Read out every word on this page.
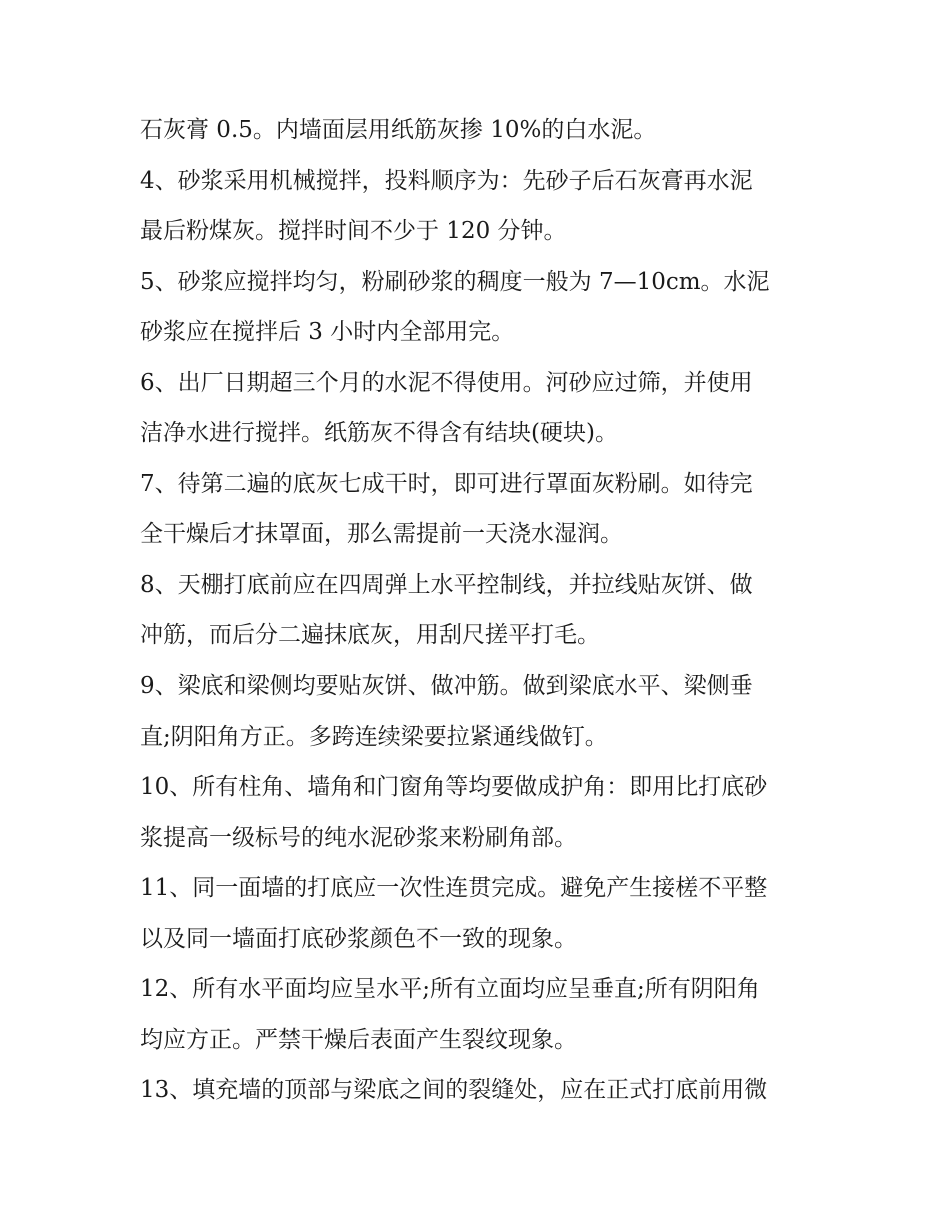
石灰膏 0.5。内墙面层用纸筋灰掺 10%的白水泥。
4、砂浆采用机械搅拌，投料顺序为：先砂子后石灰膏再水泥
最后粉煤灰。搅拌时间不少于 120 分钟。
5、砂浆应搅拌均匀，粉刷砂浆的稠度一般为 7—10cm。水泥
砂浆应在搅拌后 3 小时内全部用完。
6、出厂日期超三个月的水泥不得使用。河砂应过筛，并使用
洁净水进行搅拌。纸筋灰不得含有结块(硬块)。
7、待第二遍的底灰七成干时，即可进行罩面灰粉刷。如待完
全干燥后才抹罩面，那么需提前一天浇水湿润。
8、天棚打底前应在四周弹上水平控制线，并拉线贴灰饼、做
冲筋，而后分二遍抹底灰，用刮尺搓平打毛。
9、梁底和梁侧均要贴灰饼、做冲筋。做到梁底水平、梁侧垂
直;阴阳角方正。多跨连续梁要拉紧通线做钉。
10、所有柱角、墙角和门窗角等均要做成护角：即用比打底砂
浆提高一级标号的纯水泥砂浆来粉刷角部。
11、同一面墙的打底应一次性连贯完成。避免产生接槎不平整
以及同一墙面打底砂浆颜色不一致的现象。
12、所有水平面均应呈水平;所有立面均应呈垂直;所有阴阳角
均应方正。严禁干燥后表面产生裂纹现象。
13、填充墙的顶部与梁底之间的裂缝处，应在正式打底前用微
